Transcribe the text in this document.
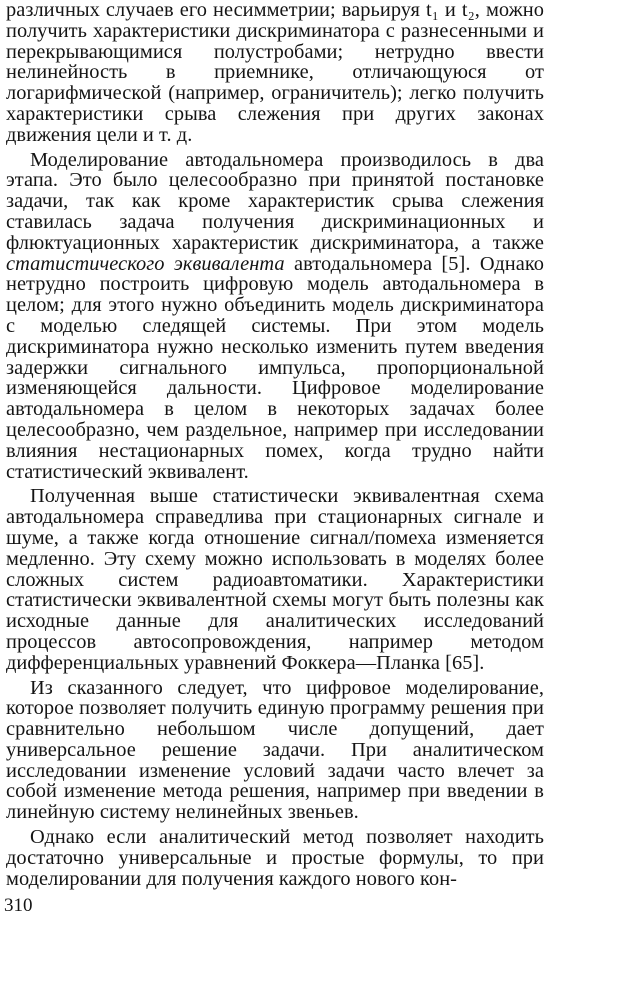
различных случаев его несимметрии; варьируя t₁ и t₂, можно получить характеристики дискриминатора с разнесенными и перекрывающимися полустробами; нетрудно ввести нелинейность в приемнике, отличающуюся от логарифмической (например, ограничитель); легко получить характеристики срыва слежения при других законах движения цели и т. д.

Моделирование автодальномера производилось в два этапа. Это было целесообразно при принятой постановке задачи, так как кроме характеристик срыва слежения ставилась задача получения дискриминационных и флюктуационных характеристик дискриминатора, а также статистического эквивалента автодальномера [5]. Однако нетрудно построить цифровую модель автодальномера в целом; для этого нужно объединить модель дискриминатора с моделью следящей системы. При этом модель дискриминатора нужно несколько изменить путем введения задержки сигнального импульса, пропорциональной изменяющейся дальности. Цифровое моделирование автодальномера в целом в некоторых задачах более целесообразно, чем раздельное, например при исследовании влияния нестационарных помех, когда трудно найти статистический эквивалент.

Полученная выше статистически эквивалентная схема автодальномера справедлива при стационарных сигнале и шуме, а также когда отношение сигнал/помеха изменяется медленно. Эту схему можно использовать в моделях более сложных систем радиоавтоматики. Характеристики статистически эквивалентной схемы могут быть полезны как исходные данные для аналитических исследований процессов автосопровождения, например методом дифференциальных уравнений Фоккера—Планка [65].

Из сказанного следует, что цифровое моделирование, которое позволяет получить единую программу решения при сравнительно небольшом числе допущений, дает универсальное решение задачи. При аналитическом исследовании изменение условий задачи часто влечет за собой изменение метода решения, например при введении в линейную систему нелинейных звеньев.

Однако если аналитический метод позволяет находить достаточно универсальные и простые формулы, то при моделировании для получения каждого нового кон-

310
